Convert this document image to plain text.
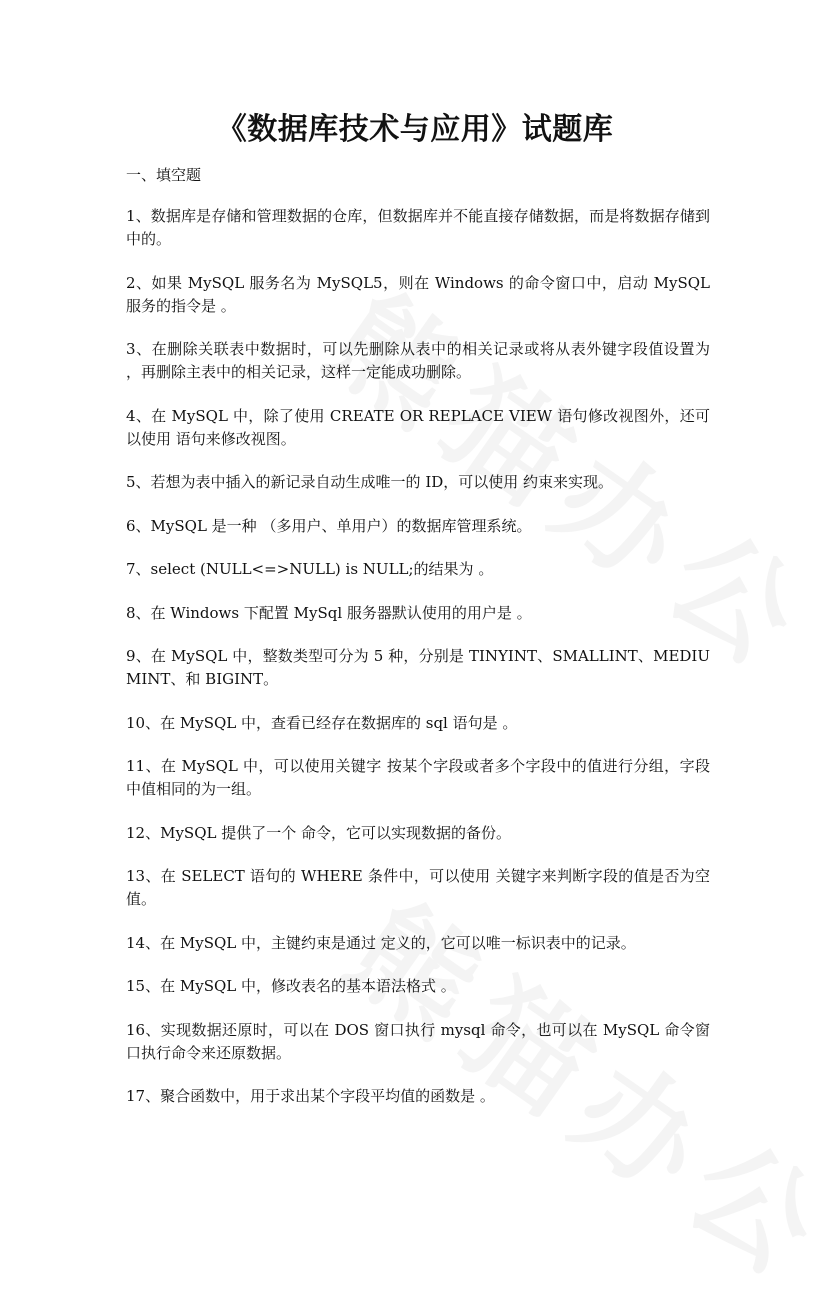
《数据库技术与应用》试题库
一、填空题
1、数据库是存储和管理数据的仓库，但数据库并不能直接存储数据，而是将数据存储到 中的。
2、如果 MySQL 服务名为 MySQL5，则在 Windows 的命令窗口中，启动 MySQL 服务的指令是 。
3、在删除关联表中数据时，可以先删除从表中的相关记录或将从表外键字段值设置为 ，再删除主表中的相关记录，这样一定能成功删除。
4、在 MySQL 中，除了使用 CREATE OR REPLACE VIEW 语句修改视图外，还可以使用 语句来修改视图。
5、若想为表中插入的新记录自动生成唯一的 ID，可以使用 约束来实现。
6、MySQL 是一种 （多用户、单用户）的数据库管理系统。
7、select (NULL<=>NULL) is NULL;的结果为 。
8、在 Windows 下配置 MySql 服务器默认使用的用户是 。
9、在 MySQL 中，整数类型可分为 5 种，分别是 TINYINT、SMALLINT、MEDIUMINT、和 BIGINT。
10、在 MySQL 中，查看已经存在数据库的 sql 语句是 。
11、在 MySQL 中，可以使用关键字 按某个字段或者多个字段中的值进行分组，字段中值相同的为一组。
12、MySQL 提供了一个 命令，它可以实现数据的备份。
13、在 SELECT 语句的 WHERE 条件中，可以使用 关键字来判断字段的值是否为空值。
14、在 MySQL 中，主键约束是通过 定义的，它可以唯一标识表中的记录。
15、在 MySQL 中，修改表名的基本语法格式 。
16、实现数据还原时，可以在 DOS 窗口执行 mysql 命令，也可以在 MySQL 命令窗口执行命令来还原数据。
17、聚合函数中，用于求出某个字段平均值的函数是 。
